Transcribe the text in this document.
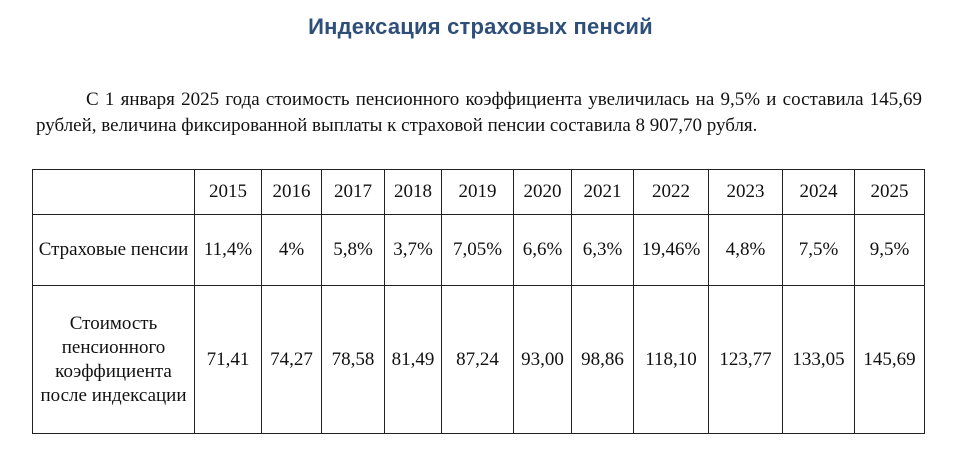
Индексация страховых пенсий

С 1 января 2025 года стоимость пенсионного коэффициента увеличилась на 9,5% и составила 145,69 рублей, величина фиксированной выплаты к страховой пенсии составила 8 907,70 рубля.

	2015	2016	2017	2018	2019	2020	2021	2022	2023	2024	2025
Страховые пенсии	11,4%	4%	5,8%	3,7%	7,05%	6,6%	6,3%	19,46%	4,8%	7,5%	9,5%
Стоимость пенсионного коэффициента после индексации	71,41	74,27	78,58	81,49	87,24	93,00	98,86	118,10	123,77	133,05	145,69
